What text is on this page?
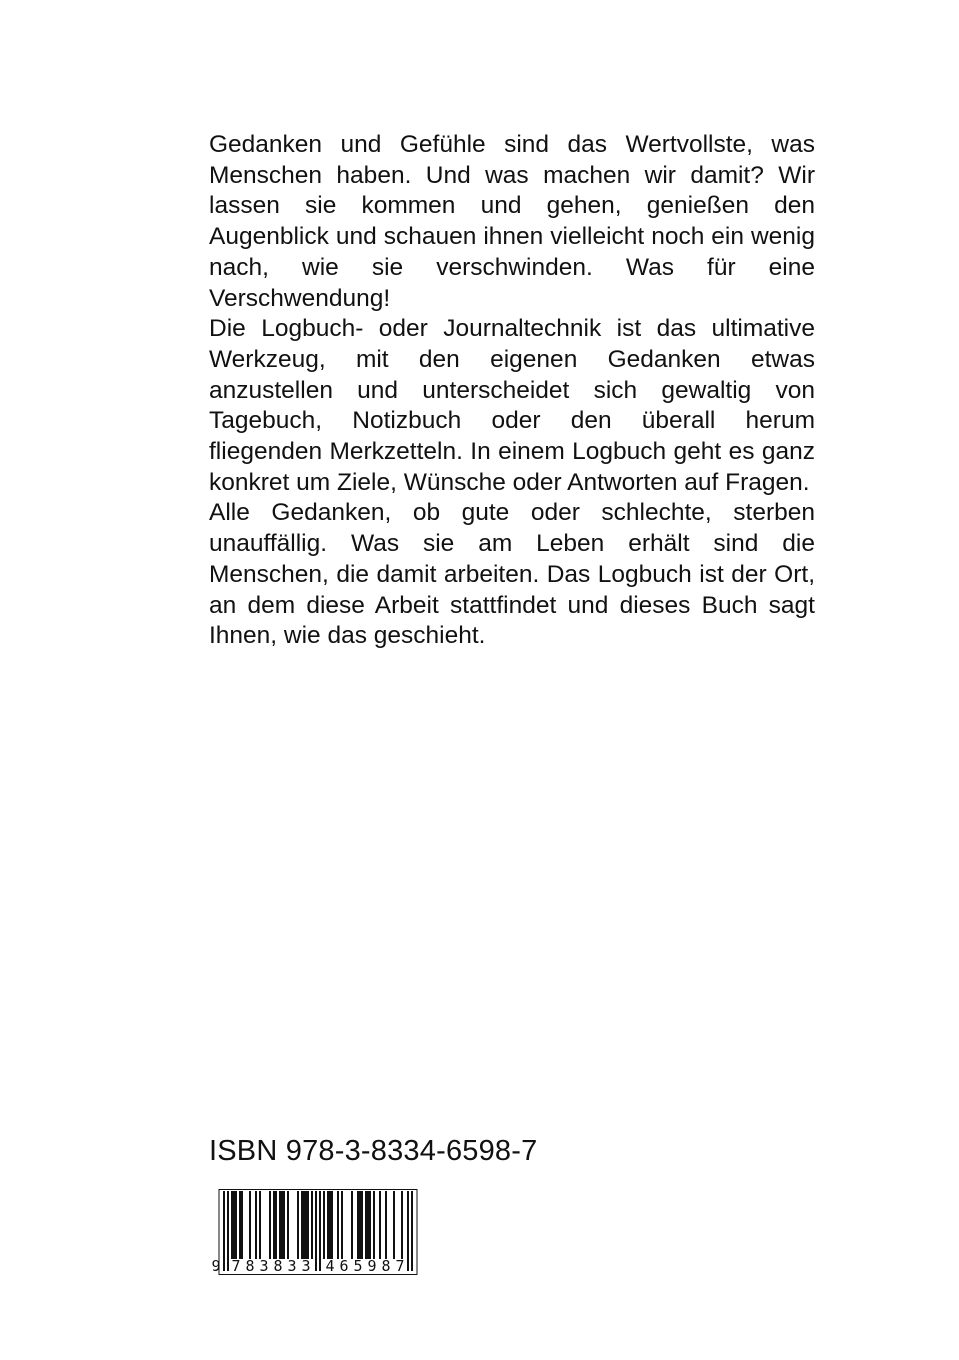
Gedanken und Gefühle sind das Wertvollste, was Menschen haben. Und was machen wir damit? Wir lassen sie kommen und gehen, genießen den Augenblick und schauen ihnen vielleicht noch ein wenig nach, wie sie verschwinden. Was für eine Verschwendung!

Die Logbuch- oder Journaltechnik ist das ultimative Werkzeug, mit den eigenen Gedanken etwas anzustellen und unterscheidet sich gewaltig von Tagebuch, Notizbuch oder den überall herum fliegenden Merkzetteln. In einem Logbuch geht es ganz konkret um Ziele, Wünsche oder Antworten auf Fragen.

Alle Gedanken, ob gute oder schlechte, sterben unauffällig. Was sie am Leben erhält sind die Menschen, die damit arbeiten. Das Logbuch ist der Ort, an dem diese Arbeit stattfindet und dieses Buch sagt Ihnen, wie das geschieht.

ISBN 978-3-8334-6598-7
9 7 8 3 8 3 3 4 6 5 9 8 7
